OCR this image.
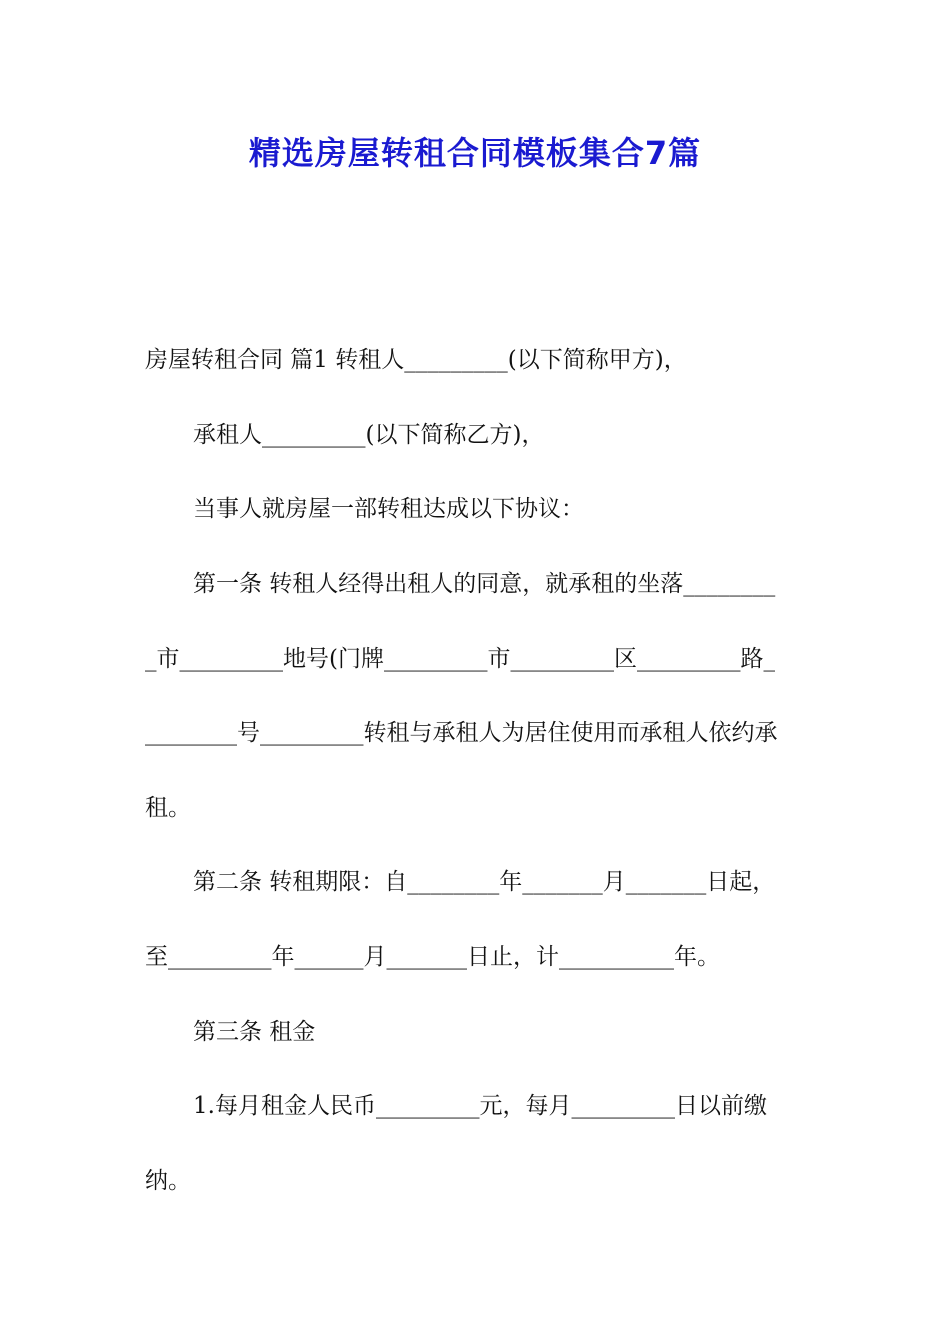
精选房屋转租合同模板集合7篇
房屋转租合同 篇1 转租人_________(以下简称甲方)，
承租人_________(以下简称乙方)，
当事人就房屋一部转租达成以下协议：
第一条 转租人经得出租人的同意，就承租的坐落________
_市_________地号(门牌_________市_________区_________路_
________号_________转租与承租人为居住使用而承租人依约承
租。
第二条 转租期限：自________年_______月_______日起，
至_________年______月_______日止，计__________年。
第三条 租金
1.每月租金人民币_________元，每月_________日以前缴
纳。
